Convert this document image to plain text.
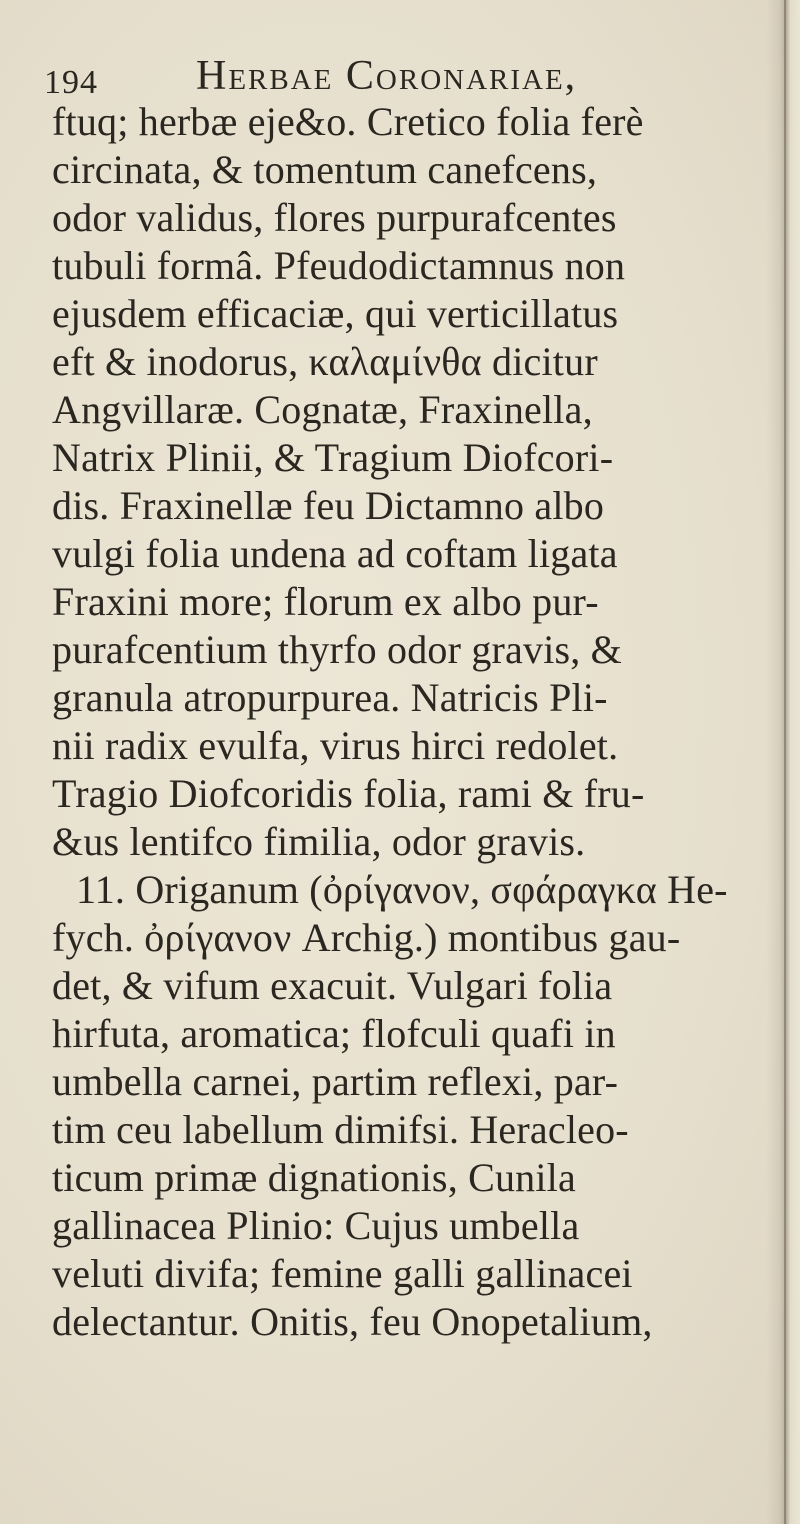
194 Herbae Coronariae,
ftuq; herbæ eje&o. Cretico folia ferè
circinata, & tomentum canefcens,
odor validus, flores purpurafcentes
tubuli formâ. Pfeudodictamnus non
ejusdem efficaciæ, qui verticillatus
eft & inodorus, καλαμίνθα dicitur
Angvillaræ. Cognatæ, Fraxinella,
Natrix Plinii, & Tragium Diofcori-
dis. Fraxinellæ feu Dictamno albo
vulgi folia undena ad coftam ligata
Fraxini more; florum ex albo pur-
purafcentium thyrfo odor gravis, &
granula atropurpurea. Natricis Pli-
nii radix evulfa, virus hirci redolet.
Tragio Diofcoridis folia, rami & fru-
&us lentifco fimilia, odor gravis.
11. Origanum (ὀρίγανον, σφάραγκα He-
fych. ὀρίγανον Archig.) montibus gau-
det, & vifum exacuit. Vulgari folia
hirfuta, aromatica; flofculi quafi in
umbella carnei, partim reflexi, par-
tim ceu labellum dimifsi. Heracleo-
ticum primæ dignationis, Cunila
gallinacea Plinio: Cujus umbella
veluti divifa; femine galli gallinacei
delectantur. Onitis, feu Onopetalium,
